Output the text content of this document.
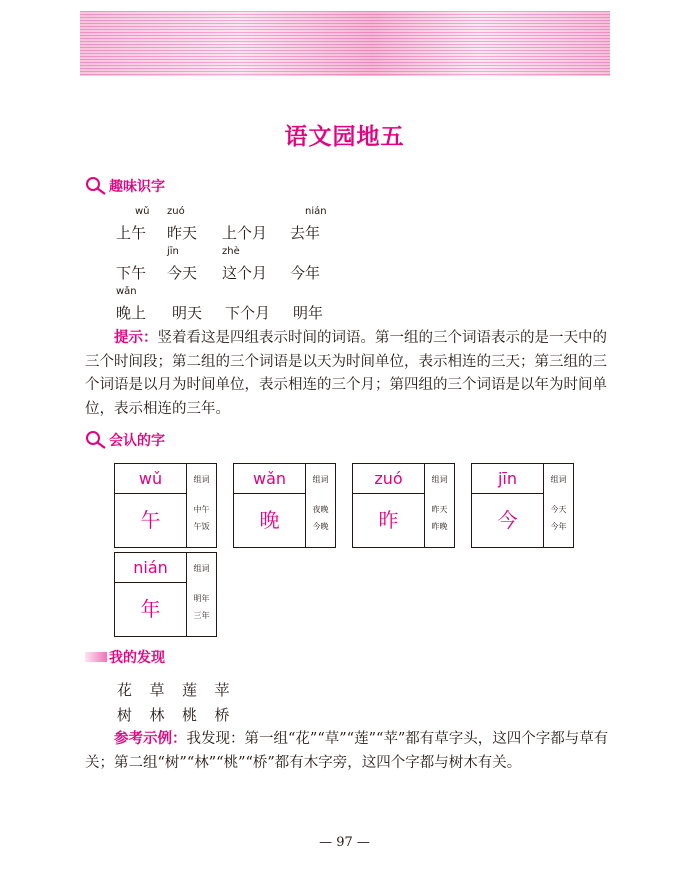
语文园地五
趣味识字
wǔ
上午
zuó
昨天 上个月
nián
去年
下午
jīn
今天
zhè
这个月 今年
wǎn
晚上 明天 下个月 明年
提示：竖着看这是四组表示时间的词语。第一组的三个词语表示的是一天中的三个时间段；第二组的三个词语是以天为时间单位，表示相连的三天；第三组的三个词语是以月为时间单位，表示相连的三个月；第四组的三个词语是以年为时间单位，表示相连的三年。
会认的字
wǔ
午
组词
中午
午饭
wǎn
晚
组词
夜晚
今晚
zuó
昨
组词
昨天
昨晚
jīn
今
组词
今天
今年
nián
年
组词
明年
三年
我的发现
花 草 莲 苹
树 林 桃 桥
参考示例：我发现：第一组“花”“草”“莲”“苹”都有草字头，这四个字都与草有关；第二组“树”“林”“桃”“桥”都有木字旁，这四个字都与树木有关。
— 97 —
